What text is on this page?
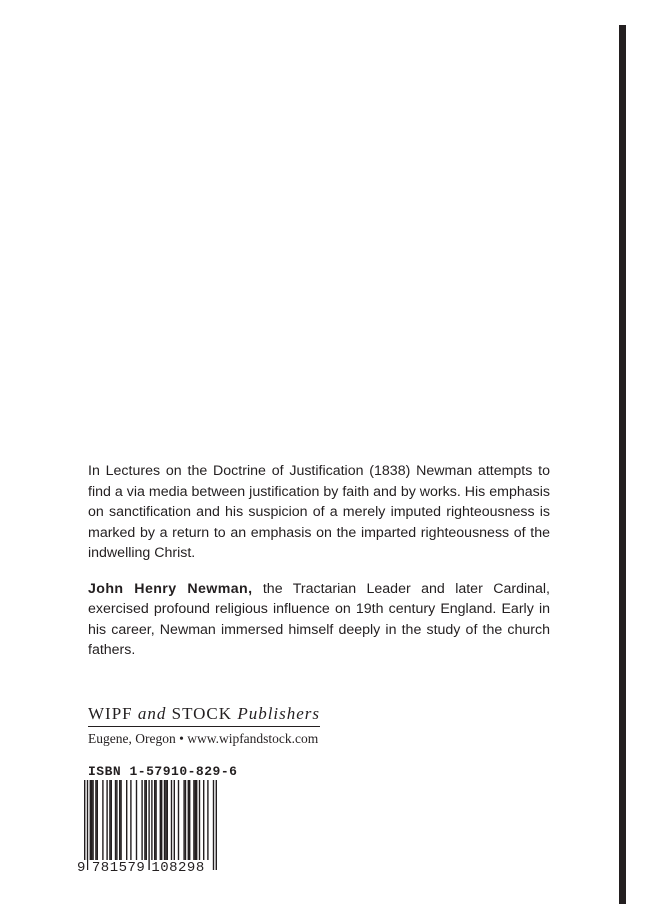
In Lectures on the Doctrine of Justification (1838) Newman attempts to find a via media between justification by faith and by works. His emphasis on sanctification and his suspicion of a merely imputed righteousness is marked by a return to an emphasis on the imparted righteousness of the indwelling Christ.

John Henry Newman, the Tractarian Leader and later Cardinal, exercised profound religious influence on 19th century England. Early in his career, Newman immersed himself deeply in the study of the church fathers.

WIPF and STOCK Publishers
Eugene, Oregon • www.wipfandstock.com
ISBN 1-57910-829-6
9 781579 108298
